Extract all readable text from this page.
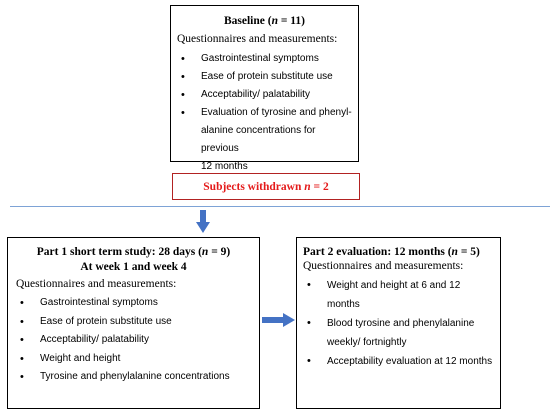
Baseline (n = 11)
Questionnaires and measurements:
• Gastrointestinal symptoms
• Ease of protein substitute use
• Acceptability/ palatability
• Evaluation of tyrosine and phenyl-
alanine concentrations for previous
12 months
Subjects withdrawn n = 2
Part 1 short term study: 28 days (n = 9)
At week 1 and week 4
Questionnaires and measurements:
• Gastrointestinal symptoms
• Ease of protein substitute use
• Acceptability/ palatability
• Weight and height
• Tyrosine and phenylalanine concentrations
Part 2 evaluation: 12 months (n = 5)
Questionnaires and measurements:
• Weight and height at 6 and 12 months
• Blood tyrosine and phenylalanine
weekly/ fortnightly
• Acceptability evaluation at 12 months
